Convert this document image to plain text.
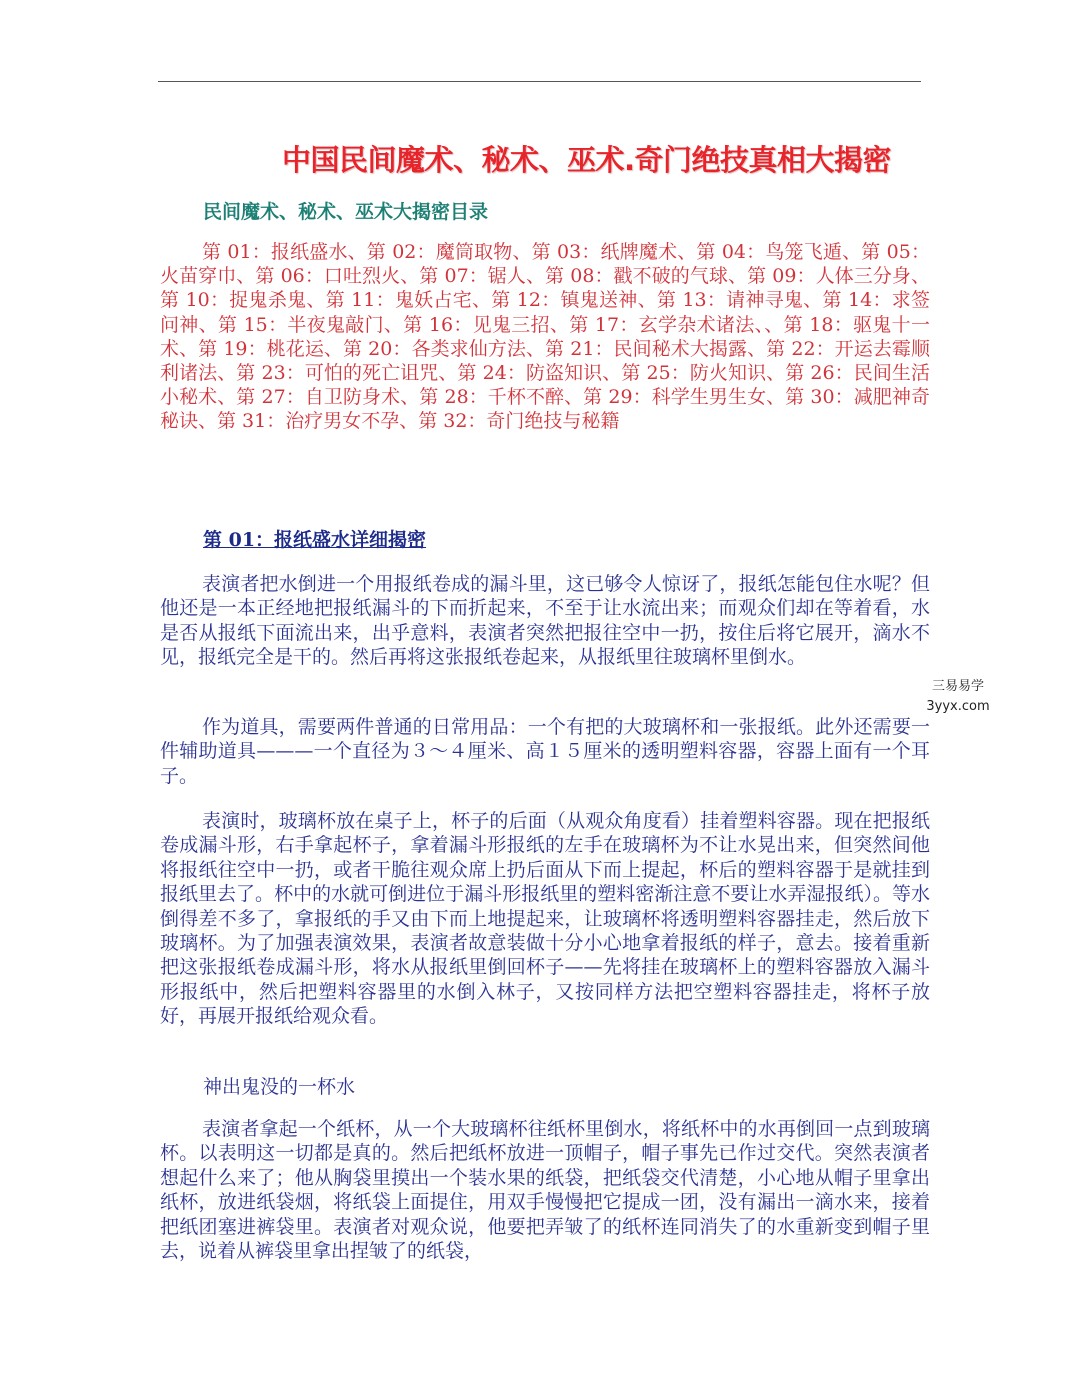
中国民间魔术、秘术、巫术.奇门绝技真相大揭密
民间魔术、秘术、巫术大揭密目录

第 01：报纸盛水、第 02：魔筒取物、第 03：纸牌魔术、第 04：鸟笼飞遁、第 05：火苗穿巾、第 06：口吐烈火、第 07：锯人、第 08：戳不破的气球、第 09：人体三分身、第 10：捉鬼杀鬼、第 11：鬼妖占宅、第 12：镇鬼送神、第 13：请神寻鬼、第 14：求签问神、第 15：半夜鬼敲门、第 16：见鬼三招、第 17：玄学杂术诸法、、第 18：驱鬼十一术、第 19：桃花运、第 20：各类求仙方法、第 21：民间秘术大揭露、第 22：开运去霉顺利诸法、第 23：可怕的死亡诅咒、第 24：防盗知识、第 25：防火知识、第 26：民间生活小秘术、第 27：自卫防身术、第 28：千杯不醉、第 29：科学生男生女、第 30：减肥神奇秘诀、第 31：治疗男女不孕、第 32：奇门绝技与秘籍

第 01：报纸盛水详细揭密

表演者把水倒进一个用报纸卷成的漏斗里，这已够令人惊讶了，报纸怎能包住水呢？但他还是一本正经地把报纸漏斗的下而折起来，不至于让水流出来；而观众们却在等着看，水是否从报纸下面流出来，出乎意料，表演者突然把报往空中一扔，按住后将它展开，滴水不见，报纸完全是干的。然后再将这张报纸卷起来，从报纸里往玻璃杯里倒水。

作为道具，需要两件普通的日常用品：一个有把的大玻璃杯和一张报纸。此外还需要一件辅助道具———一个直径为３～４厘米、高１５厘米的透明塑料容器，容器上面有一个耳子。

表演时，玻璃杯放在桌子上，杯子的后面（从观众角度看）挂着塑料容器。现在把报纸卷成漏斗形，右手拿起杯子，拿着漏斗形报纸的左手在玻璃杯为不让水晃出来，但突然间他将报纸往空中一扔，或者干脆往观众席上扔后面从下而上提起，杯后的塑料容器于是就挂到报纸里去了。杯中的水就可倒进位于漏斗形报纸里的塑料密渐注意不要让水弄湿报纸）。等水倒得差不多了，拿报纸的手又由下而上地提起来，让玻璃杯将透明塑料容器挂走，然后放下玻璃杯。为了加强表演效果，表演者故意装做十分小心地拿着报纸的样子，意去。接着重新把这张报纸卷成漏斗形，将水从报纸里倒回杯子——先将挂在玻璃杯上的塑料容器放入漏斗形报纸中，然后把塑料容器里的水倒入林子，又按同样方法把空塑料容器挂走，将杯子放好，再展开报纸给观众看。

神出鬼没的一杯水

表演者拿起一个纸杯，从一个大玻璃杯往纸杯里倒水，将纸杯中的水再倒回一点到玻璃杯。以表明这一切都是真的。然后把纸杯放进一顶帽子，帽子事先已作过交代。突然表演者想起什么来了；他从胸袋里摸出一个装水果的纸袋，把纸袋交代清楚，小心地从帽子里拿出纸杯，放进纸袋烟，将纸袋上面提住，用双手慢慢把它提成一团，没有漏出一滴水来，接着把纸团塞进裤袋里。表演者对观众说，他要把弄皱了的纸杯连同消失了的水重新变到帽子里去，说着从裤袋里拿出捏皱了的纸袋，

三易易学
3yyx.com
